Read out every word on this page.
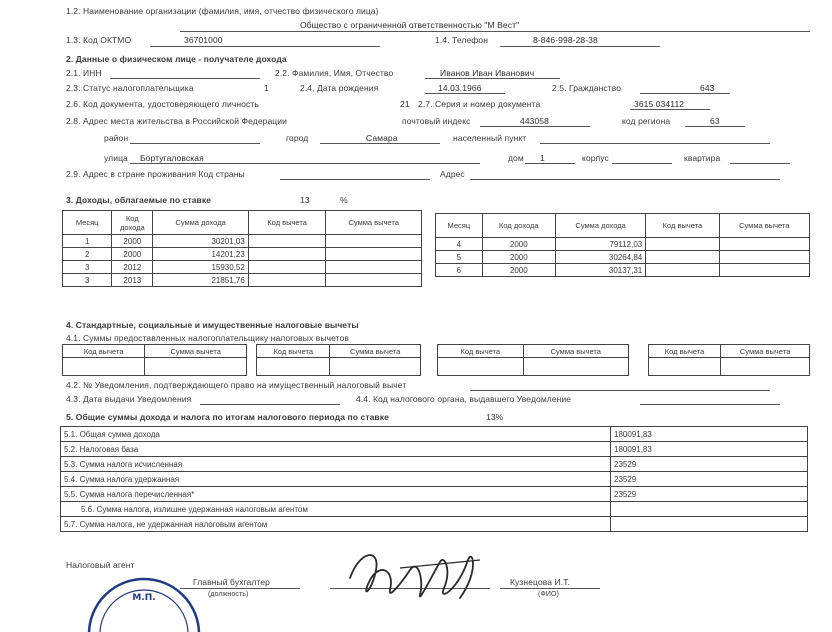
1.2. Наименование организации (фамилия, имя, отчество физического лица)
Общество с ограниченной ответственностью "М Вест"
1.3. Код ОКТМО	36701000	1.4. Телефон	8-846-998-28-38
2. Данные о физическом лице - получателе дохода
2.1. ИНН	2.2. Фамилия, Имя, Отчество	Иванов Иван Иванович
2.3. Статус налогоплательщика	1	2.4. Дата рождения	14.03.1966	2.5. Гражданство	643
2.6. Код документа, удостоверяющего личность	21 2.7. Серия и номер документа	3615 034112
2.8. Адрес места жительства в Российской Федерации	почтовый индекс	443058	код региона	63
район	город	Самара	населенный пункт
улица Бортугаловская	дом 1	корпус	квартира
2.9. Адрес в стране проживания Код страны	Адрес
3. Доходы, облагаемые по ставке	13	%
Месяц	Код дохода	Сумма дохода	Код вычета	Сумма вычета
1	2000	30201,03		
2	2000	14201,23		
3	2012	15930,52		
3	2013	21851,76		
Месяц	Код дохода	Сумма дохода	Код вычета	Сумма вычета
4	2000	79112,03		
5	2000	30264,84		
6	2000	30137,31		
4. Стандартные, социальные и имущественные налоговые вычеты
4.1. Суммы предоставленных налогоплательщику налоговых вычетов
Код вычета	Сумма вычета
		Код вычета	Сумма вычета
		Код вычета	Сумма вычета
		Код вычета	Сумма вычета

4.2. № Уведомления, подтверждающего право на имущественный налоговый вычет
4.3. Дата выдачи Уведомления	4.4. Код налогового органа, выдавшего Уведомление
5. Общие суммы дохода и налога по итогам налогового периода по ставке	13%
5.1. Общая сумма дохода	180091,83
5.2. Налоговая база	180091,83
5.3. Сумма налога исчисленная	23529
5.4. Сумма налога удержанная	23529
5.5. Сумма налога перечисленная*	23529
5.6. Сумма налога, излишне удержанная налоговым агентом	
5.7. Сумма налога, не удержанная налоговым агентом	
Налоговый агент
Главный бухгалтер
(должность)
Кузнецова И.Т.
(ФИО)
М.П.
